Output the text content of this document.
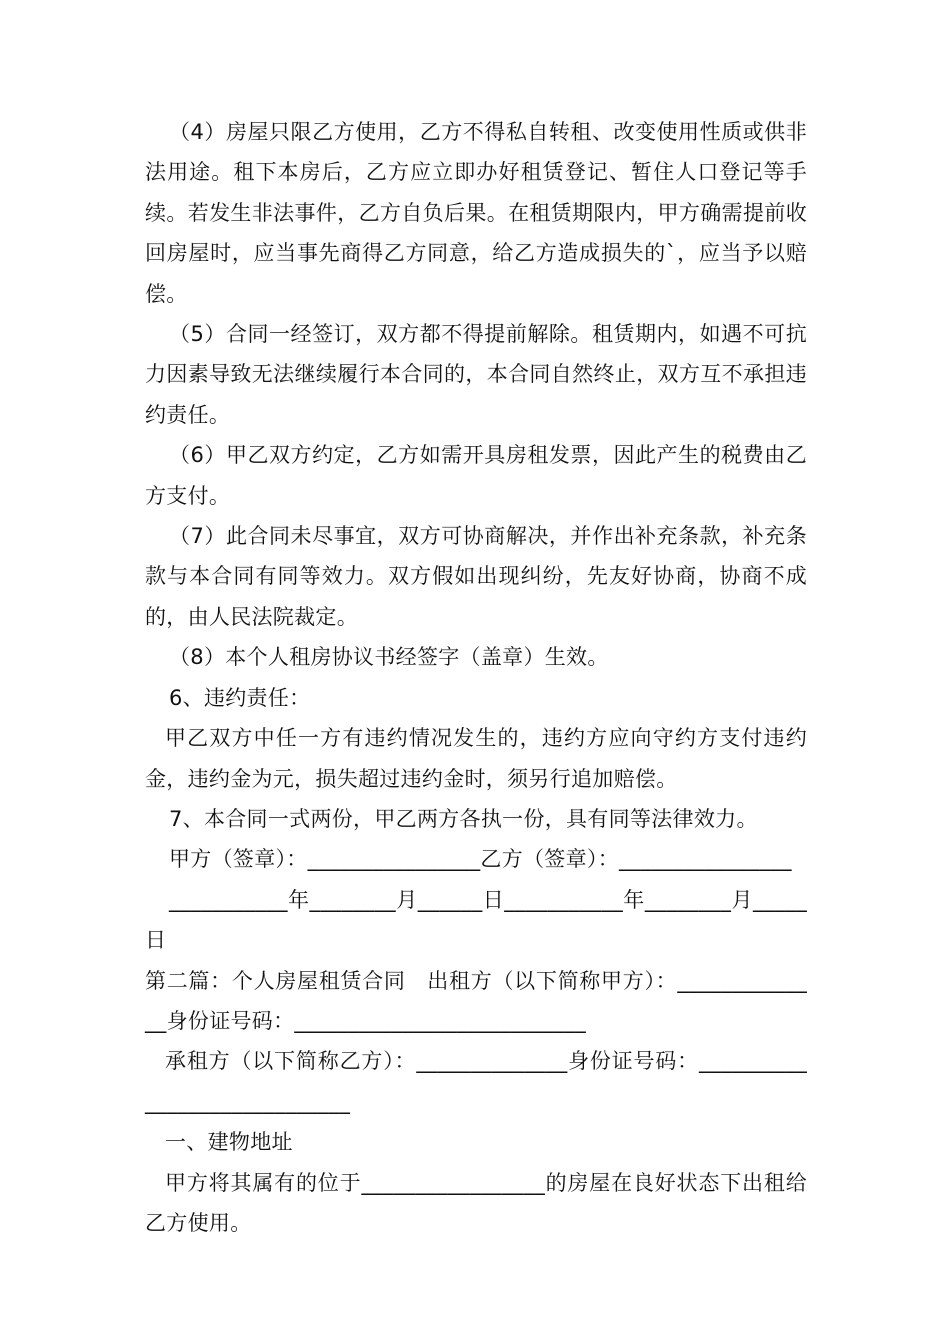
（4）房屋只限乙方使用，乙方不得私自转租、改变使用性质或供非法用途。租下本房后，乙方应立即办好租赁登记、暂住人口登记等手续。若发生非法事件，乙方自负后果。在租赁期限内，甲方确需提前收回房屋时，应当事先商得乙方同意，给乙方造成损失的`，应当予以赔偿。

（5）合同一经签订，双方都不得提前解除。租赁期内，如遇不可抗力因素导致无法继续履行本合同的，本合同自然终止，双方互不承担违约责任。

（6）甲乙双方约定，乙方如需开具房租发票，因此产生的税费由乙方支付。

（7）此合同未尽事宜，双方可协商解决，并作出补充条款，补充条款与本合同有同等效力。双方假如出现纠纷，先友好协商，协商不成的，由人民法院裁定。

（8）本个人租房协议书经签字（盖章）生效。

6、违约责任：

甲乙双方中任一方有违约情况发生的，违约方应向守约方支付违约金，违约金为元，损失超过违约金时，须另行追加赔偿。

7、本合同一式两份，甲乙两方各执一份，具有同等法律效力。

甲方（签章）：________________乙方（签章）：________________

___________年________月______日___________年________月_____日

第二篇：个人房屋租赁合同　出租方（以下简称甲方）：______________身份证号码：___________________________

承租方（以下简称乙方）：______________身份证号码：_____________________________

一、建物地址

甲方将其属有的位于_________________的房屋在良好状态下出租给乙方使用。
